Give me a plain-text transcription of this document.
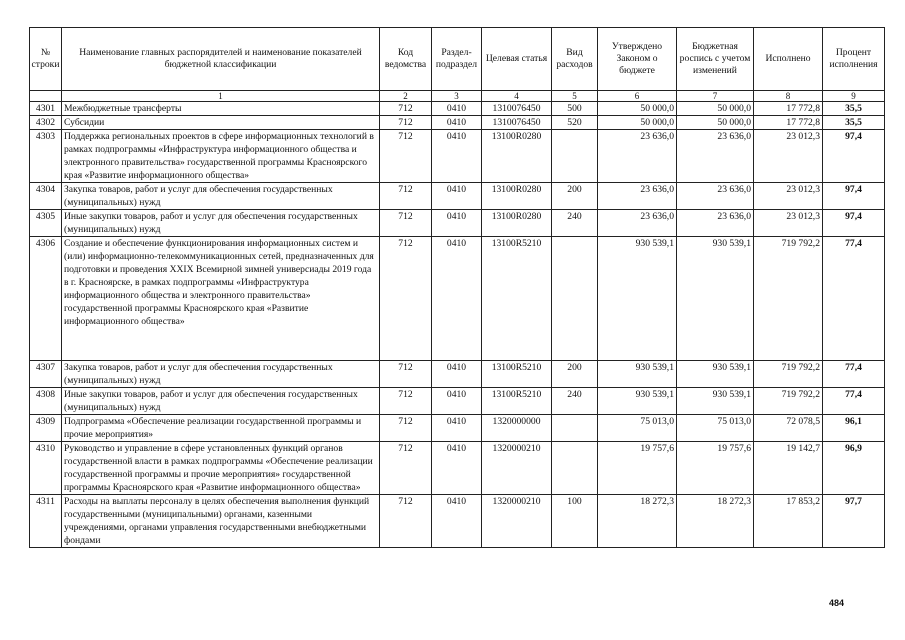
№ строки	Наименование главных распорядителей и наименование показателей бюджетной классификации	Код ведомства	Раздел-подраздел	Целевая статья	Вид расходов	Утверждено Законом о бюджете	Бюджетная роспись с учетом изменений	Исполнено	Процент исполнения
	1	2	3	4	5	6	7	8	9
4301	Межбюджетные трансферты	712	0410	1310076450	500	50 000,0	50 000,0	17 772,8	35,5
4302	Субсидии	712	0410	1310076450	520	50 000,0	50 000,0	17 772,8	35,5
4303	Поддержка региональных проектов в сфере информационных технологий в рамках подпрограммы «Инфраструктура информационного общества и электронного правительства» государственной программы Красноярского края «Развитие информационного общества»	712	0410	13100R0280		23 636,0	23 636,0	23 012,3	97,4
4304	Закупка товаров, работ и услуг для обеспечения государственных (муниципальных) нужд	712	0410	13100R0280	200	23 636,0	23 636,0	23 012,3	97,4
4305	Иные закупки товаров, работ и услуг для обеспечения государственных (муниципальных) нужд	712	0410	13100R0280	240	23 636,0	23 636,0	23 012,3	97,4
4306	Создание и обеспечение функционирования информационных систем и (или) информационно-телекоммуникационных сетей, предназначенных для подготовки и проведения XXIX Всемирной зимней универсиады 2019 года в г. Красноярске, в рамках подпрограммы «Инфраструктура информационного общества и электронного правительства» государственной программы Красноярского края «Развитие информационного общества»	712	0410	13100R5210		930 539,1	930 539,1	719 792,2	77,4
4307	Закупка товаров, работ и услуг для обеспечения государственных (муниципальных) нужд	712	0410	13100R5210	200	930 539,1	930 539,1	719 792,2	77,4
4308	Иные закупки товаров, работ и услуг для обеспечения государственных (муниципальных) нужд	712	0410	13100R5210	240	930 539,1	930 539,1	719 792,2	77,4
4309	Подпрограмма «Обеспечение реализации государственной программы и прочие мероприятия»	712	0410	1320000000		75 013,0	75 013,0	72 078,5	96,1
4310	Руководство и управление в сфере установленных функций органов государственной власти в рамках подпрограммы «Обеспечение реализации государственной программы и прочие мероприятия» государственной программы Красноярского края «Развитие информационного общества»	712	0410	1320000210		19 757,6	19 757,6	19 142,7	96,9
4311	Расходы на выплаты персоналу в целях обеспечения выполнения функций государственными (муниципальными) органами, казенными учреждениями, органами управления государственными внебюджетными фондами	712	0410	1320000210	100	18 272,3	18 272,3	17 853,2	97,7
484
